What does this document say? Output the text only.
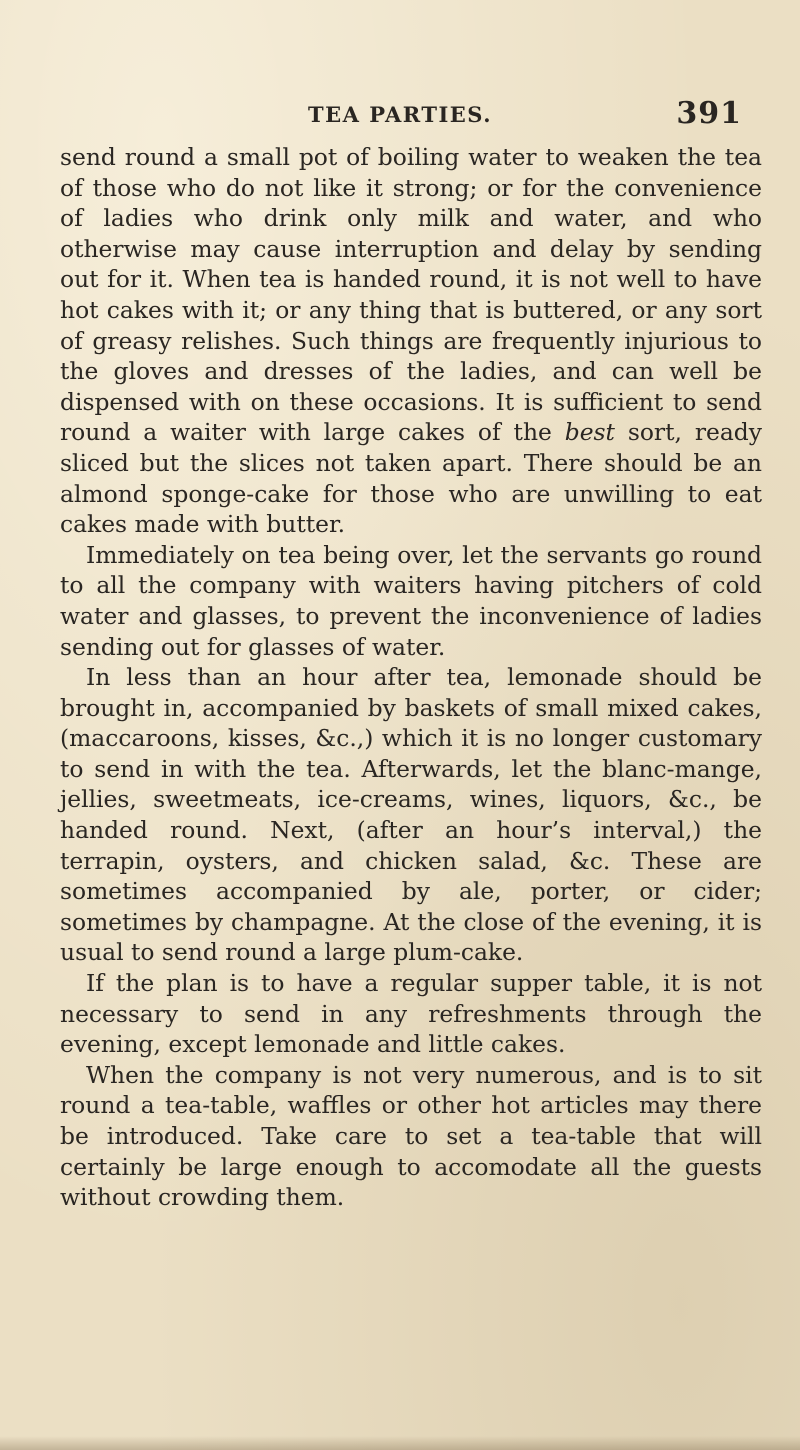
TEA PARTIES.	391

send round a small pot of boiling water to weaken the tea of those who do not like it strong; or for the convenience of ladies who drink only milk and water, and who otherwise may cause interruption and delay by sending out for it. When tea is handed round, it is not well to have hot cakes with it; or any thing that is buttered, or any sort of greasy relishes. Such things are frequently injurious to the gloves and dresses of the ladies, and can well be dispensed with on these occasions. It is sufficient to send round a waiter with large cakes of the best sort, ready sliced but the slices not taken apart. There should be an almond sponge-cake for those who are unwilling to eat cakes made with butter.

Immediately on tea being over, let the servants go round to all the company with waiters having pitchers of cold water and glasses, to prevent the inconvenience of ladies sending out for glasses of water.

In less than an hour after tea, lemonade should be brought in, accompanied by baskets of small mixed cakes, (maccaroons, kisses, &c.,) which it is no longer customary to send in with the tea. Afterwards, let the blanc-mange, jellies, sweetmeats, ice-creams, wines, liquors, &c., be handed round. Next, (after an hour’s interval,) the terrapin, oysters, and chicken salad, &c. These are sometimes accompanied by ale, porter, or cider; sometimes by champagne. At the close of the evening, it is usual to send round a large plum-cake.

If the plan is to have a regular supper table, it is not necessary to send in any refreshments through the evening, except lemonade and little cakes.

When the company is not very numerous, and is to sit round a tea-table, waffles or other hot articles may there be introduced. Take care to set a tea-table that will certainly be large enough to accomodate all the guests without crowding them.
